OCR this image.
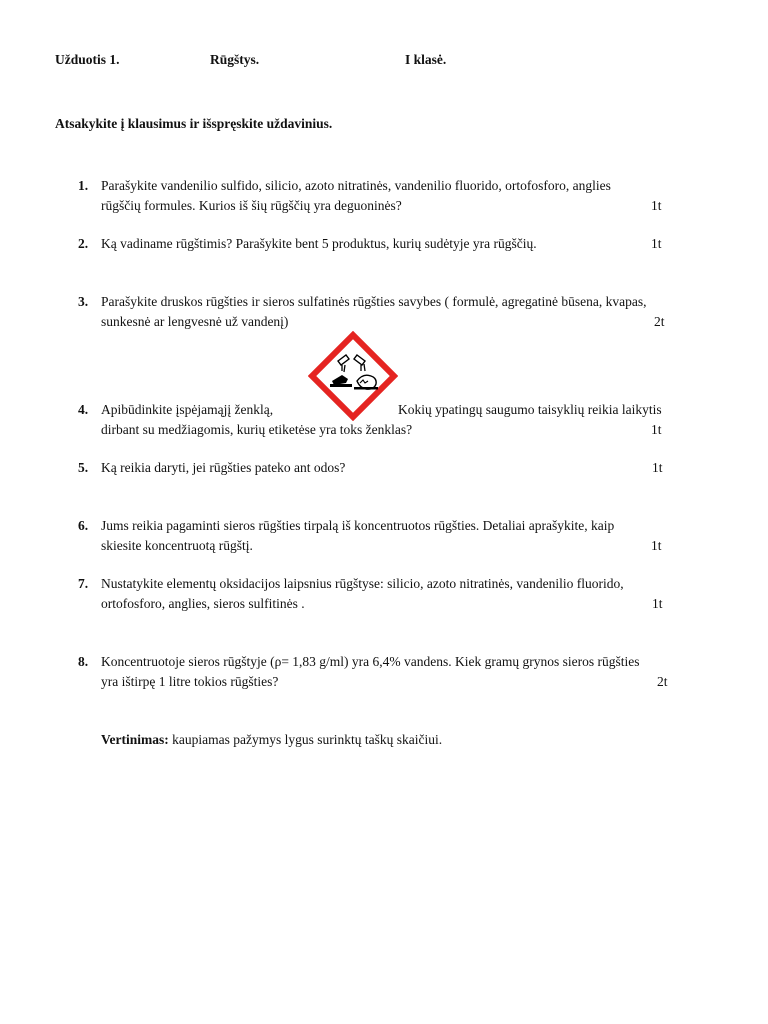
Užduotis 1.	Rūgštys.	I klasė.
Atsakykite į klausimus ir išspręskite uždavinius.
1. Parašykite vandenilio sulfido, silicio, azoto nitratinės, vandenilio fluorido, ortofosforo, anglies
rūgščių formules. Kurios iš šių rūgščių yra deguoninės?	1t
2. Ką vadiname rūgštimis? Parašykite bent 5 produktus, kurių sudėtyje yra rūgščių.	1t
3. Parašykite druskos rūgšties ir sieros sulfatinės rūgšties savybes ( formulė, agregatinė būsena, kvapas,
sunkesnė ar lengvesnė už vandenį)	2t
4. Apibūdinkite įspėjamąjį ženklą,	Kokių ypatingų saugumo taisyklių reikia laikytis
dirbant su medžiagomis, kurių etiketėse yra toks ženklas?	1t
5. Ką reikia daryti, jei rūgšties pateko ant odos?	1t
6. Jums reikia pagaminti sieros rūgšties tirpalą iš koncentruotos rūgšties. Detaliai aprašykite, kaip
skiesite koncentruotą rūgštį.	1t
7. Nustatykite elementų oksidacijos laipsnius rūgštyse: silicio, azoto nitratinės, vandenilio fluorido,
ortofosforo, anglies, sieros sulfitinės .	1t
8. Koncentruotoje sieros rūgštyje (ρ= 1,83 g/ml) yra 6,4% vandens. Kiek gramų grynos sieros rūgšties
yra ištirpę 1 litre tokios rūgšties?	2t
Vertinimas: kaupiamas pažymys lygus surinktų taškų skaičiui.
